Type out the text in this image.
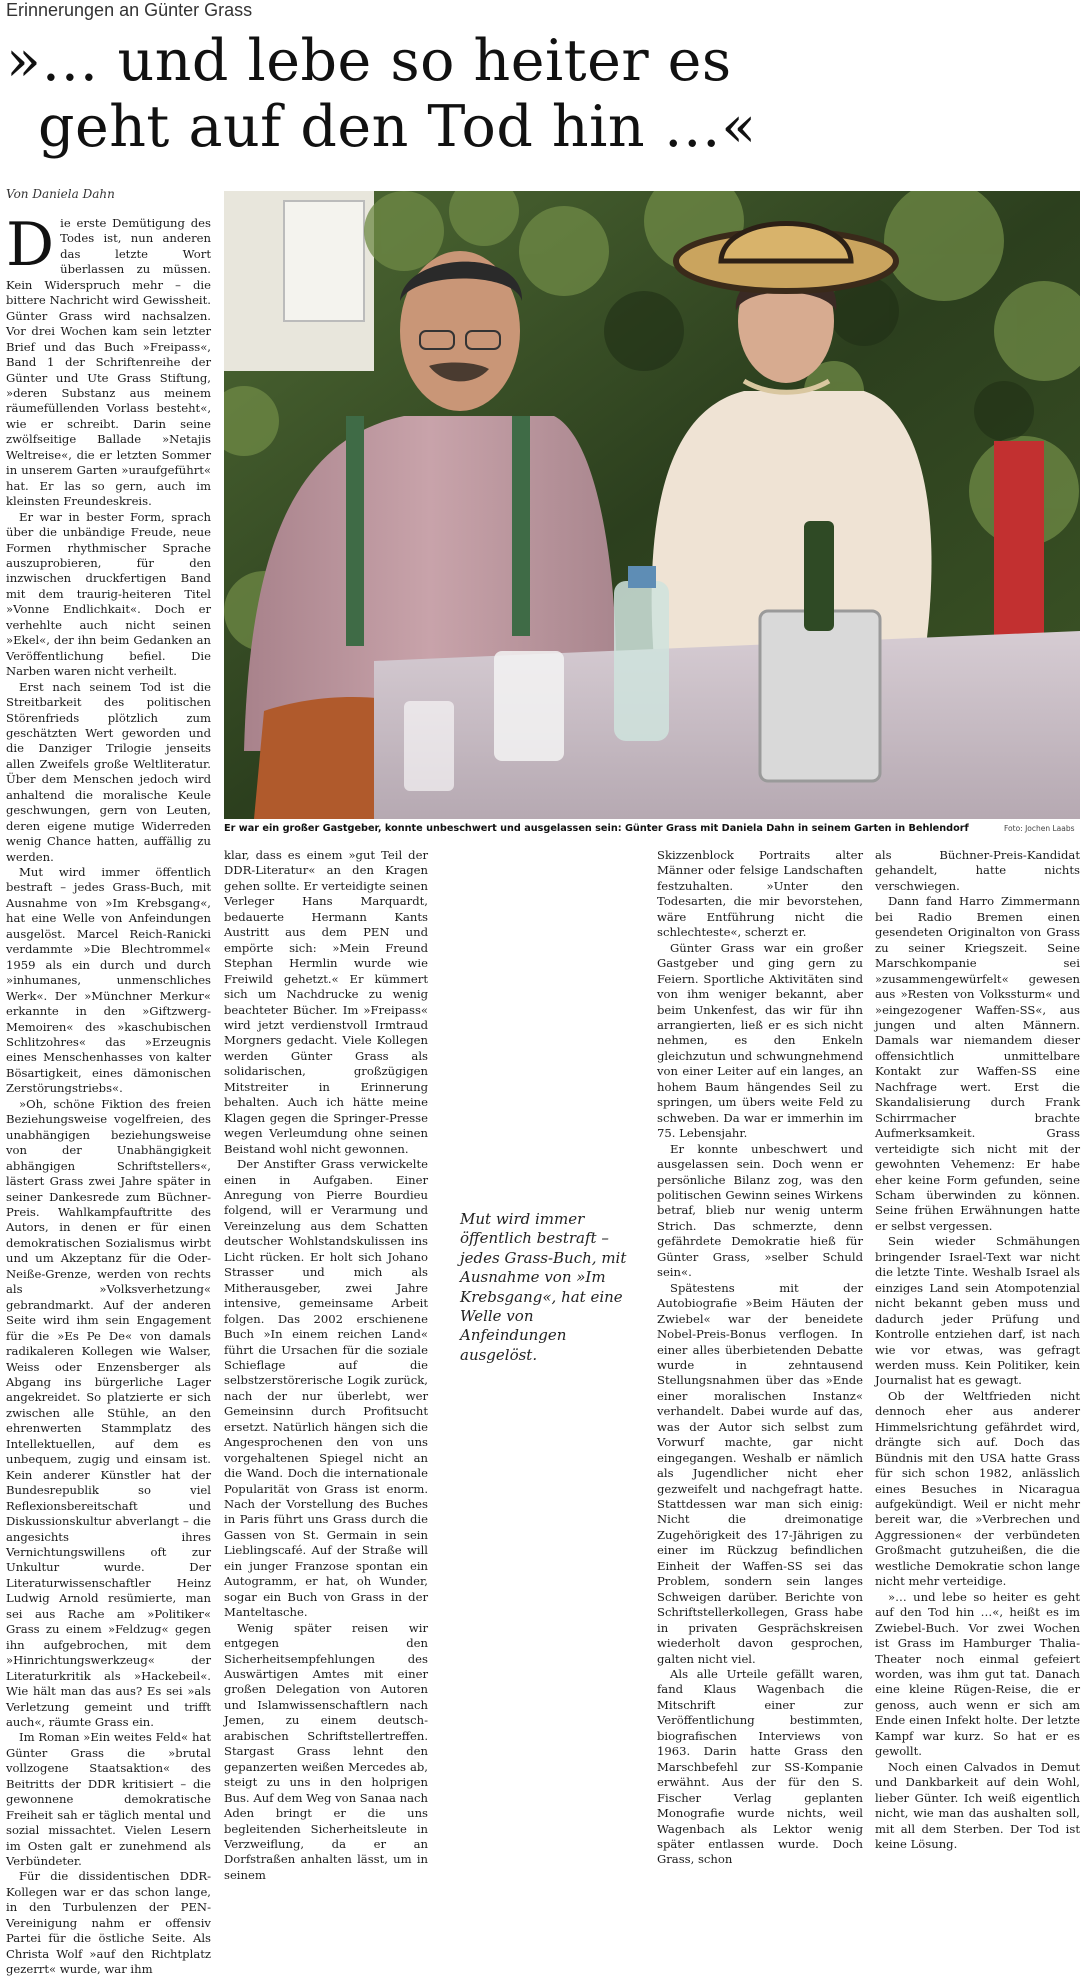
Erinnerungen an Günter Grass
»… und lebe so heiter es
geht auf den Tod hin …«
Von Daniela Dahn
Er war ein großer Gastgeber, konnte unbeschwert und ausgelassen sein: Günter Grass mit Daniela Dahn in seinem Garten in Behlendorf	Foto: Jochen Laabs

Die erste Demütigung des Todes ist, nun anderen das letzte Wort überlassen zu müssen. Kein Widerspruch mehr – die bittere Nachricht wird Gewissheit. Günter Grass wird nachsalzen. Vor drei Wochen kam sein letzter Brief und das Buch »Freipass«, Band 1 der Schriftenreihe der Günter und Ute Grass Stiftung, »deren Substanz aus meinem räumefüllenden Vorlass besteht«, wie er schreibt. Darin seine zwölfseitige Ballade »Netajis Weltreise«, die er letzten Sommer in unserem Garten »uraufgeführt« hat. Er las so gern, auch im kleinsten Freundeskreis.

Er war in bester Form, sprach über die unbändige Freude, neue Formen rhythmischer Sprache auszuprobieren, für den inzwischen druckfertigen Band mit dem traurig-heiteren Titel »Vonne Endlichkait«. Doch er verhehlte auch nicht seinen »Ekel«, der ihn beim Gedanken an Veröffentlichung befiel. Die Narben waren nicht verheilt.

Erst nach seinem Tod ist die Streitbarkeit des politischen Störenfrieds plötzlich zum geschätzten Wert geworden und die Danziger Trilogie jenseits allen Zweifels große Weltliteratur. Über dem Menschen jedoch wird anhaltend die moralische Keule geschwungen, gern von Leuten, deren eigene mutige Widerreden wenig Chance hatten, auffällig zu werden.

Mut wird immer öffentlich bestraft – jedes Grass-Buch, mit Ausnahme von »Im Krebsgang«, hat eine Welle von Anfeindungen ausgelöst. Marcel Reich-Ranicki verdammte »Die Blechtrommel« 1959 als ein durch und durch »inhumanes, unmenschliches Werk«. Der »Münchner Merkur« erkannte in den »Giftzwerg-Memoiren« des »kaschubischen Schlitzohres« das »Erzeugnis eines Menschenhasses von kalter Bösartigkeit, eines dämonischen Zerstörungstriebs«.

»Oh, schöne Fiktion des freien Beziehungsweise vogelfreien, des unabhängigen beziehungsweise von der Unabhängigkeit abhängigen Schriftstellers«, lästert Grass zwei Jahre später in seiner Dankesrede zum Büchner-Preis. Wahlkampfauftritte des Autors, in denen er für einen demokratischen Sozialismus wirbt und um Akzeptanz für die Oder-Neiße-Grenze, werden von rechts als »Volksverhetzung« gebrandmarkt. Auf der anderen Seite wird ihm sein Engagement für die »Es Pe De« von damals radikaleren Kollegen wie Walser, Weiss oder Enzensberger als Abgang ins bürgerliche Lager angekreidet. So platzierte er sich zwischen alle Stühle, an den ehrenwerten Stammplatz des Intellektuellen, auf dem es unbequem, zugig und einsam ist. Kein anderer Künstler hat der Bundesrepublik so viel Reflexionsbereitschaft und Diskussionskultur abverlangt – die angesichts ihres Vernichtungswillens oft zur Unkultur wurde. Der Literaturwissenschaftler Heinz Ludwig Arnold resümierte, man sei aus Rache am »Politiker« Grass zu einem »Feldzug« gegen ihn aufgebrochen, mit dem »Hinrichtungswerkzeug« der Literaturkritik als »Hackebeil«. Wie hält man das aus? Es sei »als Verletzung gemeint und trifft auch«, räumte Grass ein.

Im Roman »Ein weites Feld« hat Günter Grass die »brutal vollzogene Staatsaktion« des Beitritts der DDR kritisiert – die gewonnene demokratische Freiheit sah er täglich mental und sozial missachtet. Vielen Lesern im Osten galt er zunehmend als Verbündeter.

Für die dissidentischen DDR-Kollegen war er das schon lange, in den Turbulenzen der PEN-Vereinigung nahm er offensiv Partei für die östliche Seite. Als Christa Wolf »auf den Richtplatz gezerrt« wurde, war ihm

klar, dass es einem »gut Teil der DDR-Literatur« an den Kragen gehen sollte. Er verteidigte seinen Verleger Hans Marquardt, bedauerte Hermann Kants Austritt aus dem PEN und empörte sich: »Mein Freund Stephan Hermlin wurde wie Freiwild gehetzt.« Er kümmert sich um Nachdrucke zu wenig beachteter Bücher. Im »Freipass« wird jetzt verdienstvoll Irmtraud Morgners gedacht. Viele Kollegen werden Günter Grass als solidarischen, großzügigen Mitstreiter in Erinnerung behalten. Auch ich hätte meine Klagen gegen die Springer-Presse wegen Verleumdung ohne seinen Beistand wohl nicht gewonnen.

Der Anstifter Grass verwickelte einen in Aufgaben. Einer Anregung von Pierre Bourdieu folgend, will er Verarmung und Vereinzelung aus dem Schatten deutscher Wohlstandskulissen ins Licht rücken. Er holt sich Johano Strasser und mich als Mitherausgeber, zwei Jahre intensive, gemeinsame Arbeit folgen. Das 2002 erschienene Buch »In einem reichen Land« führt die Ursachen für die soziale Schieflage auf die selbstzerstörerische Logik zurück, nach der nur überlebt, wer Gemeinsinn durch Profitsucht ersetzt. Natürlich hängen sich die Angesprochenen den von uns vorgehaltenen Spiegel nicht an die Wand. Doch die internationale Popularität von Grass ist enorm. Nach der Vorstellung des Buches in Paris führt uns Grass durch die Gassen von St. Germain in sein Lieblingscafé. Auf der Straße will ein junger Franzose spontan ein Autogramm, er hat, oh Wunder, sogar ein Buch von Grass in der Manteltasche.

Wenig später reisen wir entgegen den Sicherheitsempfehlungen des Auswärtigen Amtes mit einer großen Delegation von Autoren und Islamwissenschaftlern nach Jemen, zu einem deutsch-arabischen Schriftstellertreffen. Stargast Grass lehnt den gepanzerten weißen Mercedes ab, steigt zu uns in den holprigen Bus. Auf dem Weg von Sanaa nach Aden bringt er die uns begleitenden Sicherheitsleute in Verzweiflung, da er an Dorfstraßen anhalten lässt, um in seinem

Mut wird immer öffentlich bestraft – jedes Grass-Buch, mit Ausnahme von »Im Krebsgang«, hat eine Welle von Anfeindungen ausgelöst.

Skizzenblock Portraits alter Männer oder felsige Landschaften festzuhalten. »Unter den Todesarten, die mir bevorstehen, wäre Entführung nicht die schlechteste«, scherzt er.

Günter Grass war ein großer Gastgeber und ging gern zu Feiern. Sportliche Aktivitäten sind von ihm weniger bekannt, aber beim Unkenfest, das wir für ihn arrangierten, ließ er es sich nicht nehmen, es den Enkeln gleichzutun und schwungnehmend von einer Leiter auf ein langes, an hohem Baum hängendes Seil zu springen, um übers weite Feld zu schweben. Da war er immerhin im 75. Lebensjahr.

Er konnte unbeschwert und ausgelassen sein. Doch wenn er persönliche Bilanz zog, was den politischen Gewinn seines Wirkens betraf, blieb nur wenig unterm Strich. Das schmerzte, denn gefährdete Demokratie hieß für Günter Grass, »selber Schuld sein«.

Spätestens mit der Autobiografie »Beim Häuten der Zwiebel« war der beneidete Nobel-Preis-Bonus verflogen. In einer alles überbietenden Debatte wurde in zehntausend Stellungsnahmen über das »Ende einer moralischen Instanz« verhandelt. Dabei wurde auf das, was der Autor sich selbst zum Vorwurf machte, gar nicht eingegangen. Weshalb er nämlich als Jugendlicher nicht eher gezweifelt und nachgefragt hatte. Stattdessen war man sich einig: Nicht die dreimonatige Zugehörigkeit des 17-Jährigen zu einer im Rückzug befindlichen Einheit der Waffen-SS sei das Problem, sondern sein langes Schweigen darüber. Berichte von Schriftstellerkollegen, Grass habe in privaten Gesprächskreisen wiederholt davon gesprochen, galten nicht viel.

Als alle Urteile gefällt waren, fand Klaus Wagenbach die Mitschrift einer zur Veröffentlichung bestimmten, biografischen Interviews von 1963. Darin hatte Grass den Marschbefehl zur SS-Kompanie erwähnt. Aus der für den S. Fischer Verlag geplanten Monografie wurde nichts, weil Wagenbach als Lektor wenig später entlassen wurde. Doch Grass, schon

als Büchner-Preis-Kandidat gehandelt, hatte nichts verschwiegen.

Dann fand Harro Zimmermann bei Radio Bremen einen gesendeten Originalton von Grass zu seiner Kriegszeit. Seine Marschkompanie sei »zusammengewürfelt« gewesen aus »Resten von Volkssturm« und »eingezogener Waffen-SS«, aus jungen und alten Männern. Damals war niemandem dieser offensichtlich unmittelbare Kontakt zur Waffen-SS eine Nachfrage wert. Erst die Skandalisierung durch Frank Schirrmacher brachte Aufmerksamkeit. Grass verteidigte sich nicht mit der gewohnten Vehemenz: Er habe eher keine Form gefunden, seine Scham überwinden zu können. Seine frühen Erwähnungen hatte er selbst vergessen.

Sein wieder Schmähungen bringender Israel-Text war nicht die letzte Tinte. Weshalb Israel als einziges Land sein Atompotenzial nicht bekannt geben muss und dadurch jeder Prüfung und Kontrolle entziehen darf, ist nach wie vor etwas, was gefragt werden muss. Kein Politiker, kein Journalist hat es gewagt.

Ob der Weltfrieden nicht dennoch eher aus anderer Himmelsrichtung gefährdet wird, drängte sich auf. Doch das Bündnis mit den USA hatte Grass für sich schon 1982, anlässlich eines Besuches in Nicaragua aufgekündigt. Weil er nicht mehr bereit war, die »Verbrechen und Aggressionen« der verbündeten Großmacht gutzuheißen, die die westliche Demokratie schon lange nicht mehr verteidige.

»… und lebe so heiter es geht auf den Tod hin …«, heißt es im Zwiebel-Buch. Vor zwei Wochen ist Grass im Hamburger Thalia-Theater noch einmal gefeiert worden, was ihm gut tat. Danach eine kleine Rügen-Reise, die er genoss, auch wenn er sich am Ende einen Infekt holte. Der letzte Kampf war kurz. So hat er es gewollt.

Noch einen Calvados in Demut und Dankbarkeit auf dein Wohl, lieber Günter. Ich weiß eigentlich nicht, wie man das aushalten soll, mit all dem Sterben. Der Tod ist keine Lösung.
